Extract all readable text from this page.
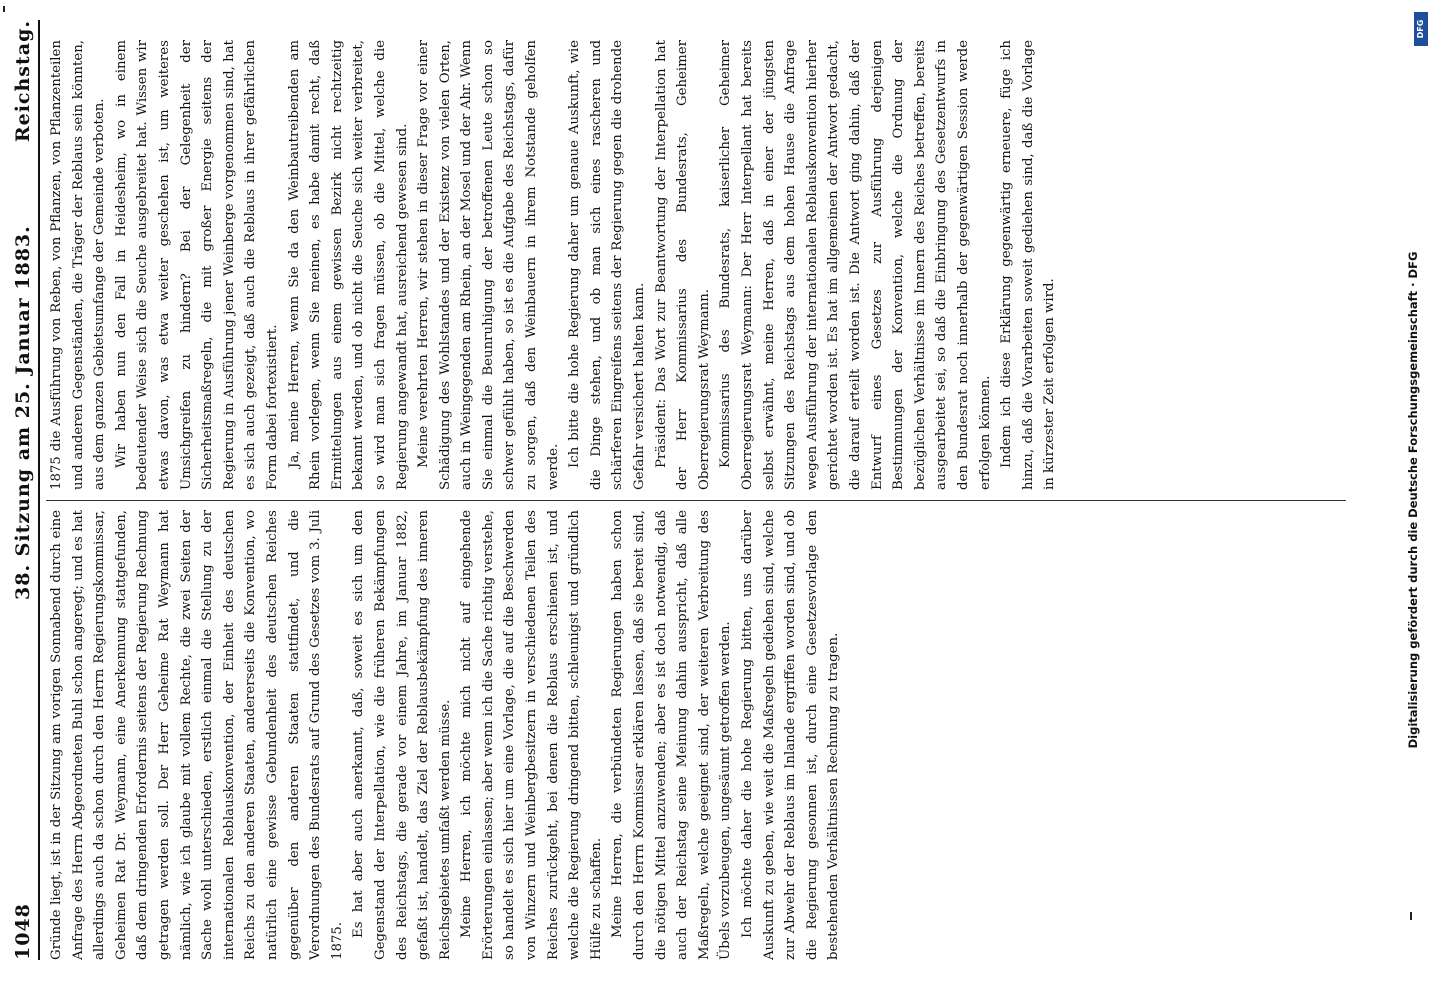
1048
38. Sitzung am 25. Januar 1883.
Reichstag.

Gründe liegt, ist in der Sitzung am vorigen Sonnabend durch eine Anfrage des Herrn Abgeordneten Buhl schon angeregt; und es hat allerdings auch da schon durch den Herrn Regierungskommissar, Geheimen Rat Dr. Weymann, eine Anerkennung stattgefunden, daß dem dringenden Erfordernis seitens der Regierung Rechnung getragen werden soll. Der Herr Geheime Rat Weymann hat nämlich, wie ich glaube mit vollem Rechte, die zwei Seiten der Sache wohl unterschieden, erstlich einmal die Stellung zu der internationalen Reblauskonvention, der Einheit des deutschen Reichs zu den anderen Staaten, andererseits die Konvention, wo natürlich eine gewisse Gebundenheit des deutschen Reiches gegenüber den anderen Staaten stattfindet, und die Verordnungen des Bundesrats auf Grund des Gesetzes vom 3. Juli 1875.

Es hat aber auch anerkannt, daß, soweit es sich um den Gegenstand der Interpellation, wie die früheren Bekämpfungen des Reichstags, die gerade vor einem Jahre, im Januar 1882, gefaßt ist, handelt, das Ziel der Reblausbekämpfung des inneren Reichsgebietes umfaßt werden müsse. Meine Herren, ich möchte mich nicht auf eingehende Erörterungen einlassen; aber wenn ich die Sache richtig verstehe, so handelt es sich hier um eine Vorlage, die auf die Beschwerden von Winzern und Weinbergbesitzern in verschiedenen Teilen des Reiches zurückgeht, bei denen die Reblaus erschienen ist, und welche die Regierung dringend bitten, schleunigst und gründlich Hülfe zu schaffen. Meine Herren, die verbündeten Regierungen haben schon durch den Herrn Kommissar erklären lassen, daß sie bereit sind, die nötigen Mittel anzuwenden; aber es ist doch notwendig, daß auch der Reichstag seine Meinung dahin ausspricht, daß alle Maßregeln, welche geeignet sind, der weiteren Verbreitung des Übels vorzubeugen, ungesäumt getroffen werden. Ich möchte daher die hohe Regierung bitten, uns darüber Auskunft zu geben, wie weit die Maßregeln gediehen sind, welche zur Abwehr der Reblaus im Inlande ergriffen worden sind, und ob die Regierung gesonnen ist, durch eine Gesetzesvorlage den bestehenden Verhältnissen Rechnung zu tragen.

1875 die Ausführung von Reben, von Pflanzen, von Pflanzenteilen und anderen Gegenständen, die Träger der Reblaus sein könnten, aus dem ganzen Gebietsumfange der Gemeinde verboten. Wir haben nun den Fall in Heidesheim, wo in einem bedeutender Weise sich die Seuche ausgebreitet hat. Wissen wir etwas davon, was etwa weiter geschehen ist, um weiteres Umsichgreifen zu hindern? Bei der Gelegenheit der Sicherheitsmaßregeln, die mit großer Energie seitens der Regierung in Ausführung jener Weinberge vorgenommen sind, hat es sich auch gezeigt, daß auch die Reblaus in ihrer gefährlichen Form dabei fortexistiert. Ja, meine Herren, wenn Sie da den Weinbautreibenden am Rhein vorlegen, wenn Sie meinen, es habe damit recht, daß Ermittelungen aus einem gewissen Bezirk nicht rechtzeitig bekannt werden, und ob nicht die Seuche sich weiter verbreitet, so wird man sich fragen müssen, ob die Mittel, welche die Regierung angewandt hat, ausreichend gewesen sind. Meine verehrten Herren, wir stehen in dieser Frage vor einer Schädigung des Wohlstandes und der Existenz von vielen Orten, auch in Weingegenden am Rhein, an der Mosel und der Ahr. Wenn Sie einmal die Beunruhigung der betroffenen Leute schon so schwer gefühlt haben, so ist es die Aufgabe des Reichstags, dafür zu sorgen, daß den Weinbauern in ihrem Notstande geholfen werde. Ich bitte die hohe Regierung daher um genaue Auskunft, wie die Dinge stehen, und ob man sich eines rascheren und schärferen Eingreifens seitens der Regierung gegen die drohende Gefahr versichert halten kann. Präsident: Das Wort zur Beantwortung der Interpellation hat der Herr Kommissarius des Bundesrats, Geheimer Oberregierungsrat Weymann. Kommissarius des Bundesrats, kaiserlicher Geheimer Oberregierungsrat Weymann: Der Herr Interpellant hat bereits selbst erwähnt, meine Herren, daß in einer der jüngsten Sitzungen des Reichstags aus dem hohen Hause die Anfrage wegen Ausführung der internationalen Reblauskonvention hierher gerichtet worden ist. Es hat im allgemeinen der Antwort gedacht, die darauf erteilt worden ist. Die Antwort ging dahin, daß der Entwurf eines Gesetzes zur Ausführung derjenigen Bestimmungen der Konvention, welche die Ordnung der bezüglichen Verhältnisse im Innern des Reiches betreffen, bereits ausgearbeitet sei, so daß die Einbringung des Gesetzentwurfs in den Bundesrat noch innerhalb der gegenwärtigen Session werde erfolgen können. Indem ich diese Erklärung gegenwärtig erneuere, füge ich hinzu, daß die Vorarbeiten soweit gediehen sind, daß die Vorlage in kürzester Zeit erfolgen wird.	Digitalisierung gefördert durch die Deutsche Forschungsgemeinschaft · DFG
DFG
